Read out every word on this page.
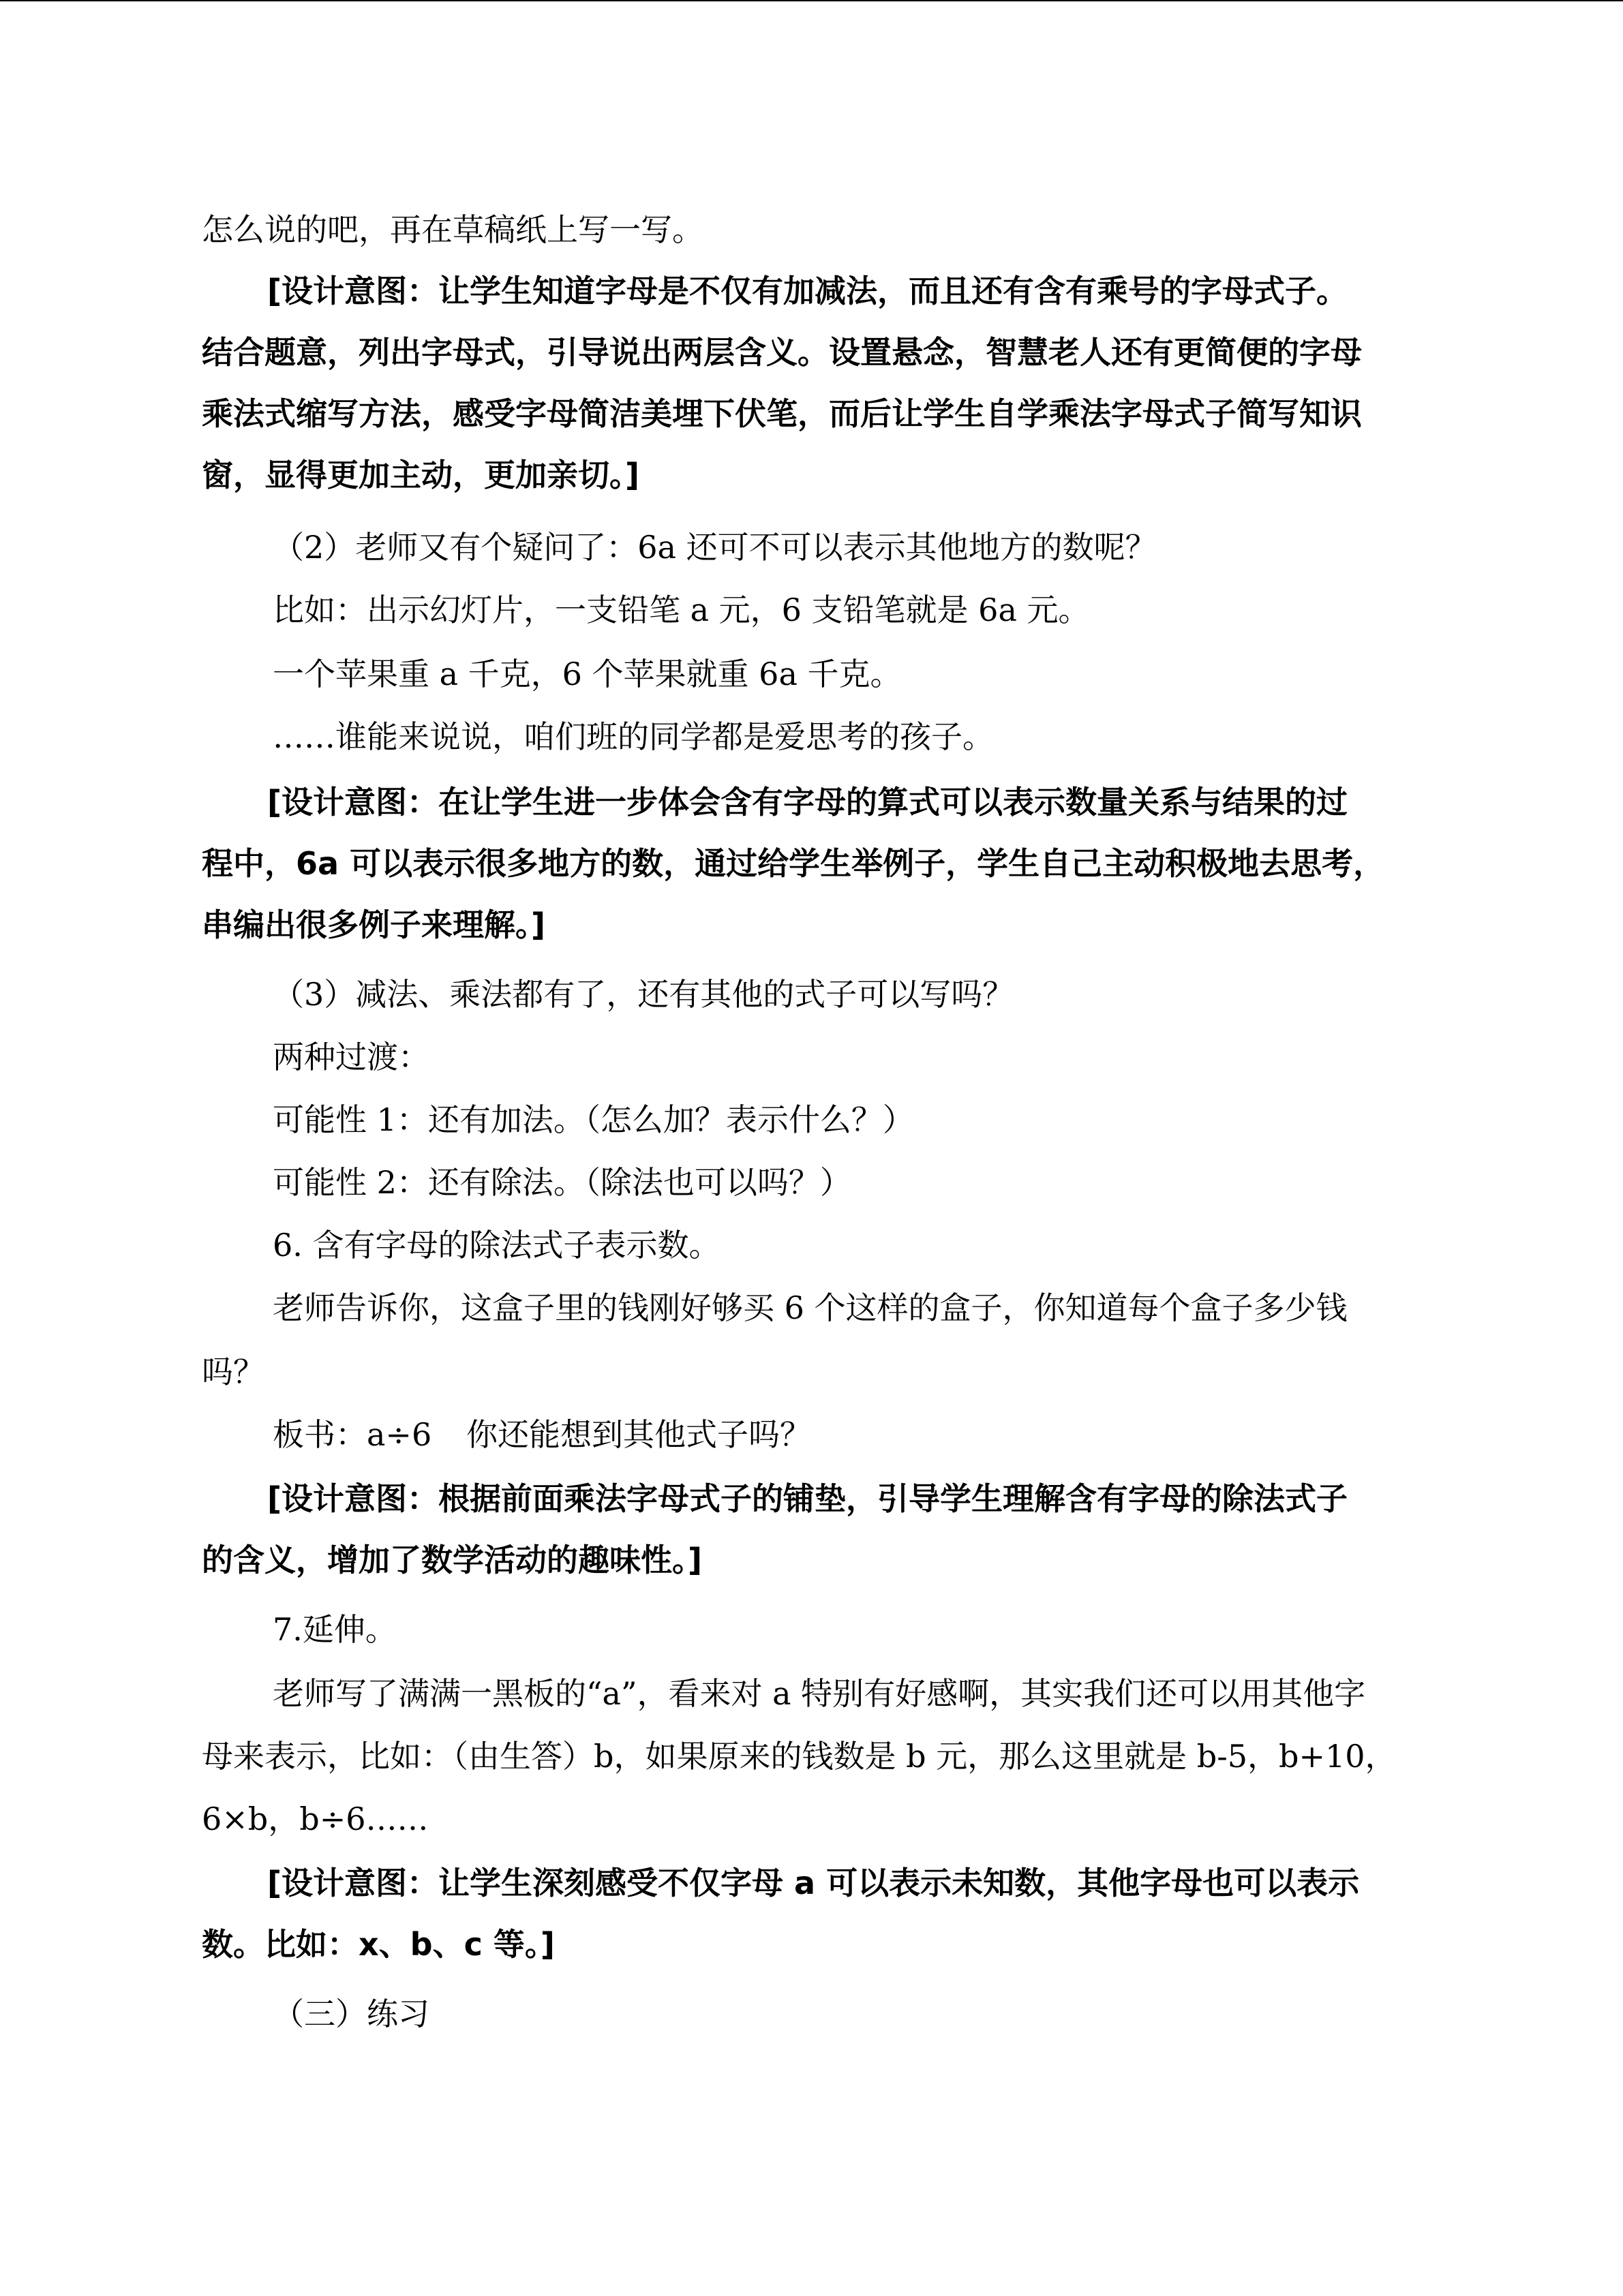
怎么说的吧，再在草稿纸上写一写。
[设计意图：让学生知道字母是不仅有加减法，而且还有含有乘号的字母式子。
结合题意，列出字母式，引导说出两层含义。设置悬念，智慧老人还有更简便的字母
乘法式缩写方法，感受字母简洁美埋下伏笔，而后让学生自学乘法字母式子简写知识
窗，显得更加主动，更加亲切。]
（2）老师又有个疑问了：6a 还可不可以表示其他地方的数呢？
比如：出示幻灯片，一支铅笔 a 元，6 支铅笔就是 6a 元。
一个苹果重 a 千克，6 个苹果就重 6a 千克。
……谁能来说说，咱们班的同学都是爱思考的孩子。
[设计意图：在让学生进一步体会含有字母的算式可以表示数量关系与结果的过
程中，6a 可以表示很多地方的数，通过给学生举例子，学生自己主动积极地去思考，
串编出很多例子来理解。]
（3）减法、乘法都有了，还有其他的式子可以写吗？
两种过渡：
可能性 1：还有加法。（怎么加？表示什么？）
可能性 2：还有除法。（除法也可以吗？）
6. 含有字母的除法式子表示数。
老师告诉你，这盒子里的钱刚好够买 6 个这样的盒子，你知道每个盒子多少钱
吗？
板书：a÷6 你还能想到其他式子吗？
[设计意图：根据前面乘法字母式子的铺垫，引导学生理解含有字母的除法式子
的含义，增加了数学活动的趣味性。]
7.延伸。
老师写了满满一黑板的“a”，看来对 a 特别有好感啊，其实我们还可以用其他字
母来表示，比如：（由生答）b，如果原来的钱数是 b 元，那么这里就是 b-5，b+10，
6×b，b÷6……
[设计意图：让学生深刻感受不仅字母 a 可以表示未知数，其他字母也可以表示
数。比如：x、b、c 等。]
（三）练习
